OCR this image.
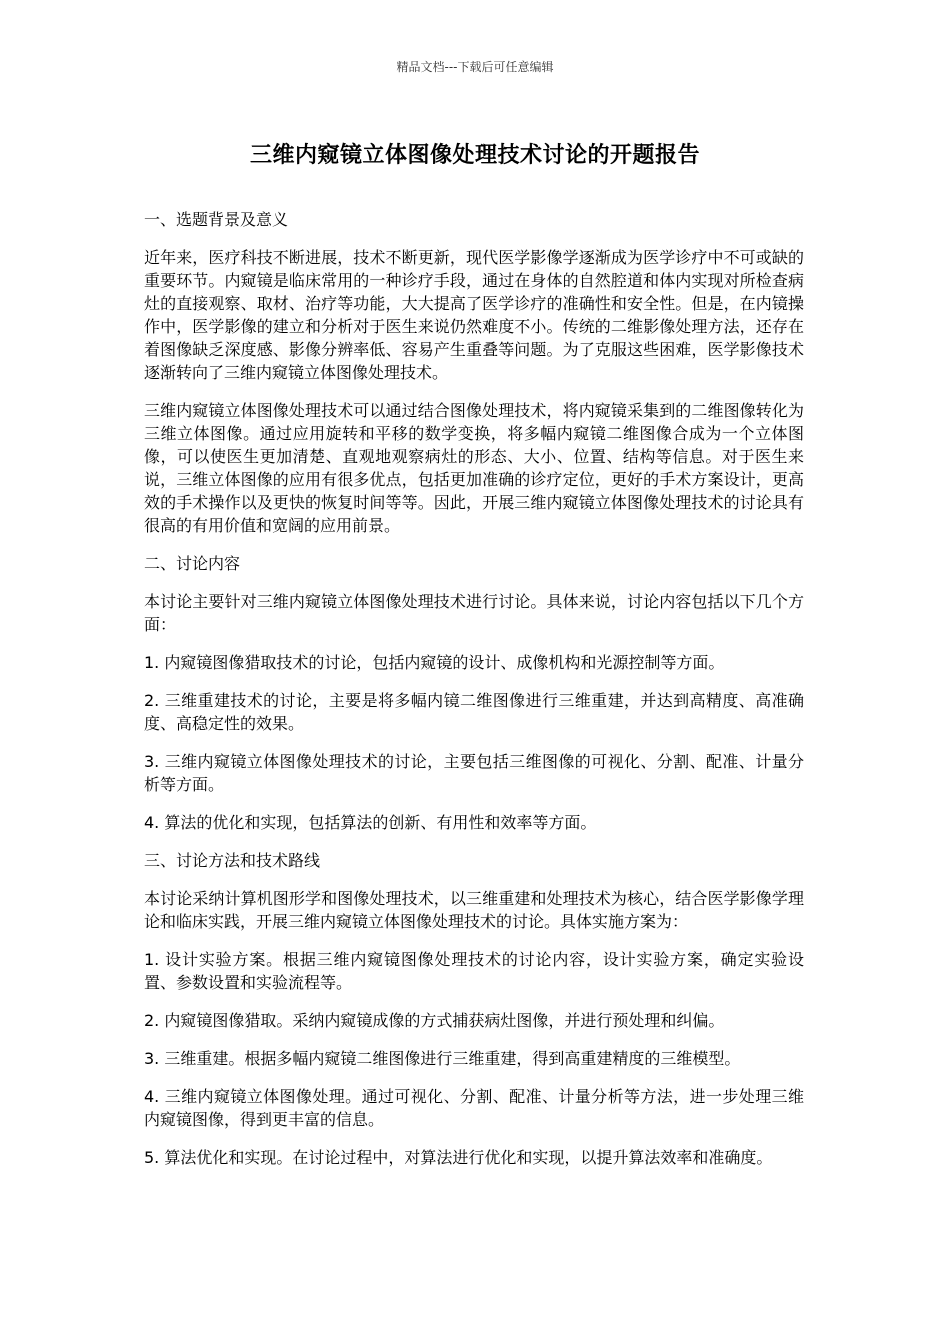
精品文档---下载后可任意编辑
三维内窥镜立体图像处理技术讨论的开题报告

一、选题背景及意义

近年来，医疗科技不断进展，技术不断更新，现代医学影像学逐渐成为医学诊疗中不可或缺的重要环节。内窥镜是临床常用的一种诊疗手段，通过在身体的自然腔道和体内实现对所检查病灶的直接观察、取材、治疗等功能，大大提高了医学诊疗的准确性和安全性。但是，在内镜操作中，医学影像的建立和分析对于医生来说仍然难度不小。传统的二维影像处理方法，还存在着图像缺乏深度感、影像分辨率低、容易产生重叠等问题。为了克服这些困难，医学影像技术逐渐转向了三维内窥镜立体图像处理技术。

三维内窥镜立体图像处理技术可以通过结合图像处理技术，将内窥镜采集到的二维图像转化为三维立体图像。通过应用旋转和平移的数学变换，将多幅内窥镜二维图像合成为一个立体图像，可以使医生更加清楚、直观地观察病灶的形态、大小、位置、结构等信息。对于医生来说，三维立体图像的应用有很多优点，包括更加准确的诊疗定位，更好的手术方案设计，更高效的手术操作以及更快的恢复时间等等。因此，开展三维内窥镜立体图像处理技术的讨论具有很高的有用价值和宽阔的应用前景。

二、讨论内容

本讨论主要针对三维内窥镜立体图像处理技术进行讨论。具体来说，讨论内容包括以下几个方面：

1. 内窥镜图像猎取技术的讨论，包括内窥镜的设计、成像机构和光源控制等方面。

2. 三维重建技术的讨论，主要是将多幅内镜二维图像进行三维重建，并达到高精度、高准确度、高稳定性的效果。

3. 三维内窥镜立体图像处理技术的讨论，主要包括三维图像的可视化、分割、配准、计量分析等方面。

4. 算法的优化和实现，包括算法的创新、有用性和效率等方面。

三、讨论方法和技术路线

本讨论采纳计算机图形学和图像处理技术，以三维重建和处理技术为核心，结合医学影像学理论和临床实践，开展三维内窥镜立体图像处理技术的讨论。具体实施方案为：

1. 设计实验方案。根据三维内窥镜图像处理技术的讨论内容，设计实验方案，确定实验设置、参数设置和实验流程等。

2. 内窥镜图像猎取。采纳内窥镜成像的方式捕获病灶图像，并进行预处理和纠偏。

3. 三维重建。根据多幅内窥镜二维图像进行三维重建，得到高重建精度的三维模型。

4. 三维内窥镜立体图像处理。通过可视化、分割、配准、计量分析等方法，进一步处理三维内窥镜图像，得到更丰富的信息。

5. 算法优化和实现。在讨论过程中，对算法进行优化和实现，以提升算法效率和准确度。
